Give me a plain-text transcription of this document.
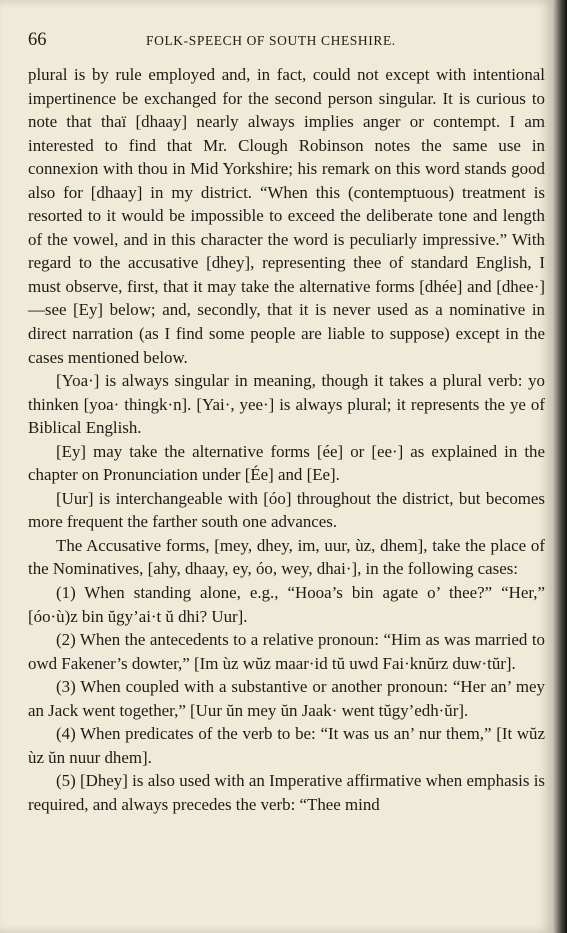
66	FOLK-SPEECH OF SOUTH CHESHIRE.

plural is by rule employed and, in fact, could not except with intentional impertinence be exchanged for the second person singular. It is curious to note that thaï [dhaay] nearly always implies anger or contempt. I am interested to find that Mr. Clough Robinson notes the same use in connexion with thou in Mid Yorkshire; his remark on this word stands good also for [dhaay] in my district. “When this (contemptuous) treatment is resorted to it would be impossible to exceed the deliberate tone and length of the vowel, and in this character the word is peculiarly impressive.” With regard to the accusative [dhey], representing thee of standard English, I must observe, first, that it may take the alternative forms [dhée] and [dhee·]—see [Ey] below; and, secondly, that it is never used as a nominative in direct narration (as I find some people are liable to suppose) except in the cases mentioned below.

[Yoa·] is always singular in meaning, though it takes a plural verb: yo thinken [yoa· thingk·n]. [Yai·, yee·] is always plural; it represents the ye of Biblical English.

[Ey] may take the alternative forms [ée] or [ee·] as explained in the chapter on Pronunciation under [Ée] and [Ee].

[Uur] is interchangeable with [óo] throughout the district, but becomes more frequent the farther south one advances.

The Accusative forms, [mey, dhey, im, uur, ùz, dhem], take the place of the Nominatives, [ahy, dhaay, ey, óo, wey, dhai·], in the following cases:

(1) When standing alone, e.g., “Hooa’s bin agate o’ thee?” “Her,” [óo·ù)z bin ŭgy’ai·t ŭ dhi? Uur].

(2) When the antecedents to a relative pronoun: “Him as was married to owd Fakener’s dowter,” [Im ùz wŭz maar·id tŭ uwd Fai·knŭrz duw·tŭr].

(3) When coupled with a substantive or another pronoun: “Her an’ mey an Jack went together,” [Uur ŭn mey ŭn Jaak· went tŭgy’edh·ŭr].

(4) When predicates of the verb to be: “It was us an’ nur them,” [It wŭz ùz ŭn nuur dhem].

(5) [Dhey] is also used with an Imperative affirmative when emphasis is required, and always precedes the verb: “Thee mind
